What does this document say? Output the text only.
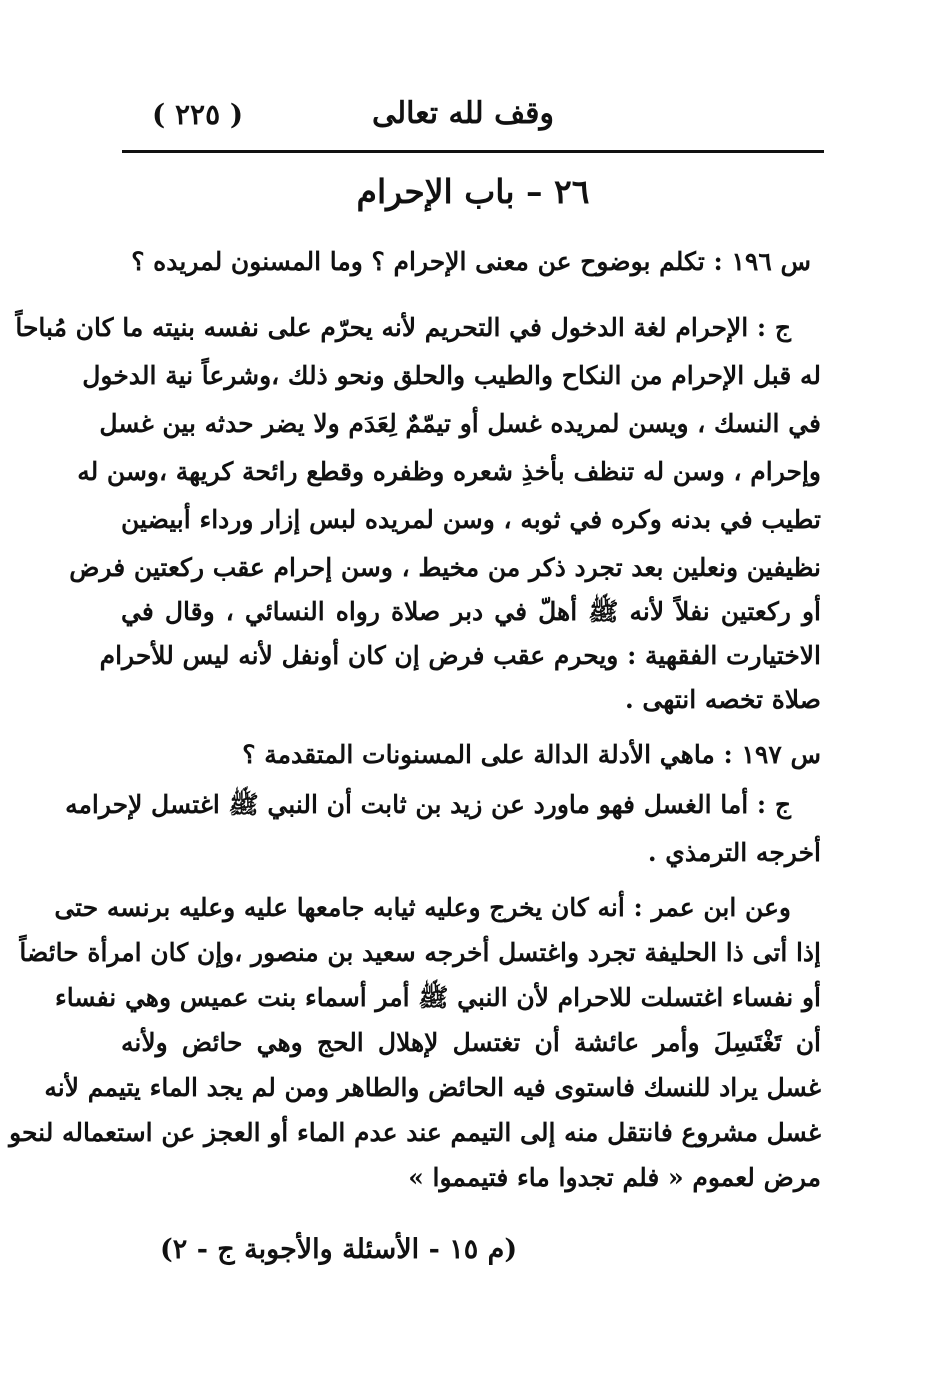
وقف لله تعالى
( ٢٢٥ )
٢٦ – باب الإحرام
س ١٩٦ : تكلم بوضوح عن معنى الإحرام ؟ وما المسنون لمريده ؟
ج : الإحرام لغة الدخول في التحريم لأنه يحرّم على نفسه بنيته ما كان مُباحاً
له قبل الإحرام من النكاح والطيب والحلق ونحو ذلك ،وشرعاً نية الدخول
في النسك ، ويسن لمريده غسل أو تيمّمٌ لِعَدَم ولا يضر حدثه بين غسل
وإحرام ، وسن له تنظف بأخذِ شعره وظفره وقطع رائحة كريهة ،وسن له
تطيب في بدنه وكره في ثوبه ، وسن لمريده لبس إزار ورداء أبيضين
نظيفين ونعلين بعد تجرد ذكر من مخيط ، وسن إحرام عقب ركعتين فرض
أو ركعتين نفلاً لأنه ﷺ أهلّ في دبر صلاة رواه النسائي ، وقال في
الاختيارت الفقهية : ويحرم عقب فرض إن كان أونفل لأنه ليس للأحرام
صلاة تخصه انتهى .
س ١٩٧ : ماهي الأدلة الدالة على المسنونات المتقدمة ؟
ج : أما الغسل فهو ماورد عن زيد بن ثابت أن النبي ﷺ اغتسل لإحرامه
أخرجه الترمذي .
وعن ابن عمر : أنه كان يخرج وعليه ثيابه جامعها عليه وعليه برنسه حتى
إذا أتى ذا الحليفة تجرد واغتسل أخرجه سعيد بن منصور ،وإن كان امرأة حائضاً
أو نفساء اغتسلت للاحرام لأن النبي ﷺ أمر أسماء بنت عميس وهي نفساء
أن تَغْتَسِلَ وأمر عائشة أن تغتسل لإهلال الحج وهي حائض ولأنه
غسل يراد للنسك فاستوى فيه الحائض والطاهر ومن لم يجد الماء يتيمم لأنه
غسل مشروع فانتقل منه إلى التيمم عند عدم الماء أو العجز عن استعماله لنحو
مرض لعموم « فلم تجدوا ماء فتيمموا »
(م ١٥ - الأسئلة والأجوبة ج - ٢)
